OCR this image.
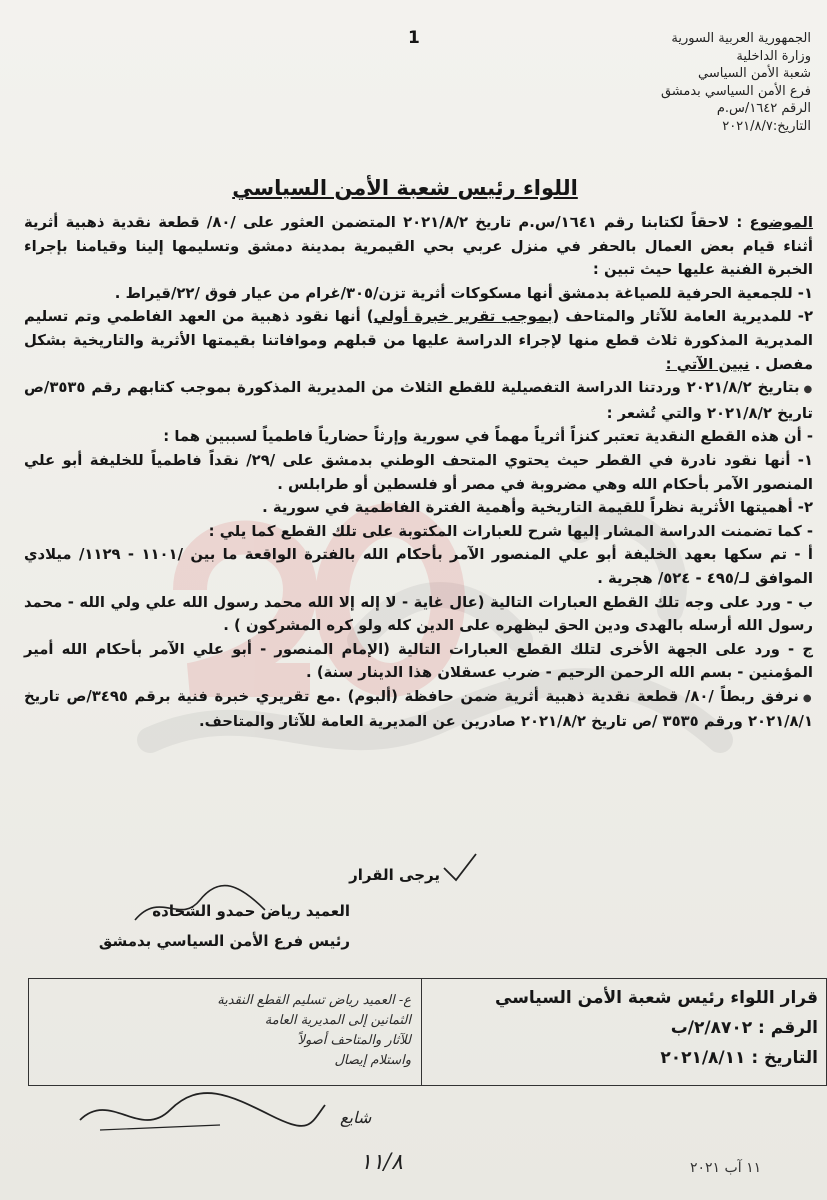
1	الجمهورية العربية السورية
وزارة الداخلية
شعبة الأمن السياسي
فرع الأمن السياسي بدمشق
الرقم ١٦٤٢/س.م
التاريخ:٢٠٢١/٨/٧
اللواء رئيس شعبة الأمن السياسي

الموضوع : لاحقاً لكتابنا رقم ١٦٤١/س.م تاريخ ٢٠٢١/٨/٢ المتضمن العثور على /٨٠/ قطعة نقدية ذهبية أثرية أثناء قيام بعض العمال بالحفر في منزل عربي بحي القيمرية بمدينة دمشق وتسليمها إلينا وقيامنا بإجراء الخبرة الفنية عليها حيث تبين :

١- للجمعية الحرفية للصياغة بدمشق أنها مسكوكات أثرية تزن/٣٠٥/غرام من عيار فوق /٢٢/قيراط .

٢- للمديرية العامة للآثار والمتاحف (بموجب تقرير خبرة أولي) أنها نقود ذهبية من العهد الفاطمي وتم تسليم المديرية المذكورة ثلاث قطع منها لإجراء الدراسة عليها من قبلهم وموافاتنا بقيمتها الأثرية والتاريخية بشكل مفصل . نبين الآتي :

● بتاريخ ٢٠٢١/٨/٢ وردتنا الدراسة التفصيلية للقطع الثلاث من المديرية المذكورة بموجب كتابهم رقم ٣٥٣٥/ص تاريخ ٢٠٢١/٨/٢ والتي تُشعر :

- أن هذه القطع النقدية تعتبر كنزاً أثرياً مهماً في سورية وإرثاً حضارياً فاطمياً لسببين هما :

١- أنها نقود نادرة في القطر حيث يحتوي المتحف الوطني بدمشق على /٢٩/ نقداً فاطمياً للخليفة أبو علي المنصور الآمر بأحكام الله وهي مضروبة في مصر أو فلسطين أو طرابلس .

٢- أهميتها الأثرية نظراً للقيمة التاريخية وأهمية الفترة الفاطمية في سورية .

- كما تضمنت الدراسة المشار إليها شرح للعبارات المكتوبة على تلك القطع كما يلي :

أ - تم سكها بعهد الخليفة أبو علي المنصور الآمر بأحكام الله بالفترة الواقعة ما بين /١١٠١ - ١١٢٩/ ميلادي الموافق لـ/٤٩٥ - ٥٢٤/ هجرية .

ب - ورد على وجه تلك القطع العبارات التالية (عال غاية - لا إله إلا الله محمد رسول الله علي ولي الله - محمد رسول الله أرسله بالهدى ودين الحق ليظهره على الدين كله ولو كره المشركون ) .

ج - ورد على الجهة الأخرى لتلك القطع العبارات التالية (الإمام المنصور - أبو علي الآمر بأحكام الله أمير المؤمنين - بسم الله الرحمن الرحيم - ضرب عسقلان هذا الدينار سنة) .

● نرفق ربطاً /٨٠/ قطعة نقدية ذهبية أثرية ضمن حافظة (ألبوم) .مع تقريري خبرة فنية برقم ٣٤٩٥/ص تاريخ ٢٠٢١/٨/١ ورقم ٣٥٣٥ /ص تاريخ ٢٠٢١/٨/٢ صادرين عن المديرية العامة للآثار والمتاحف.

يرجى القرار
العميد رياض حمدو الشحاده
رئيس فرع الأمن السياسي بدمشق
ع- العميد رياض تسليم القطع النقدية
الثمانين إلى المديرية العامة
للآثار والمتاحف أصولاً
واستلام إيصال
قرار اللواء رئيس شعبة الأمن السياسي
الرقم : ٢/٨٧٠٢/ب
التاريخ : ٢٠٢١/٨/١١
شايع
١١/٨	١١ آب ٢٠٢١
